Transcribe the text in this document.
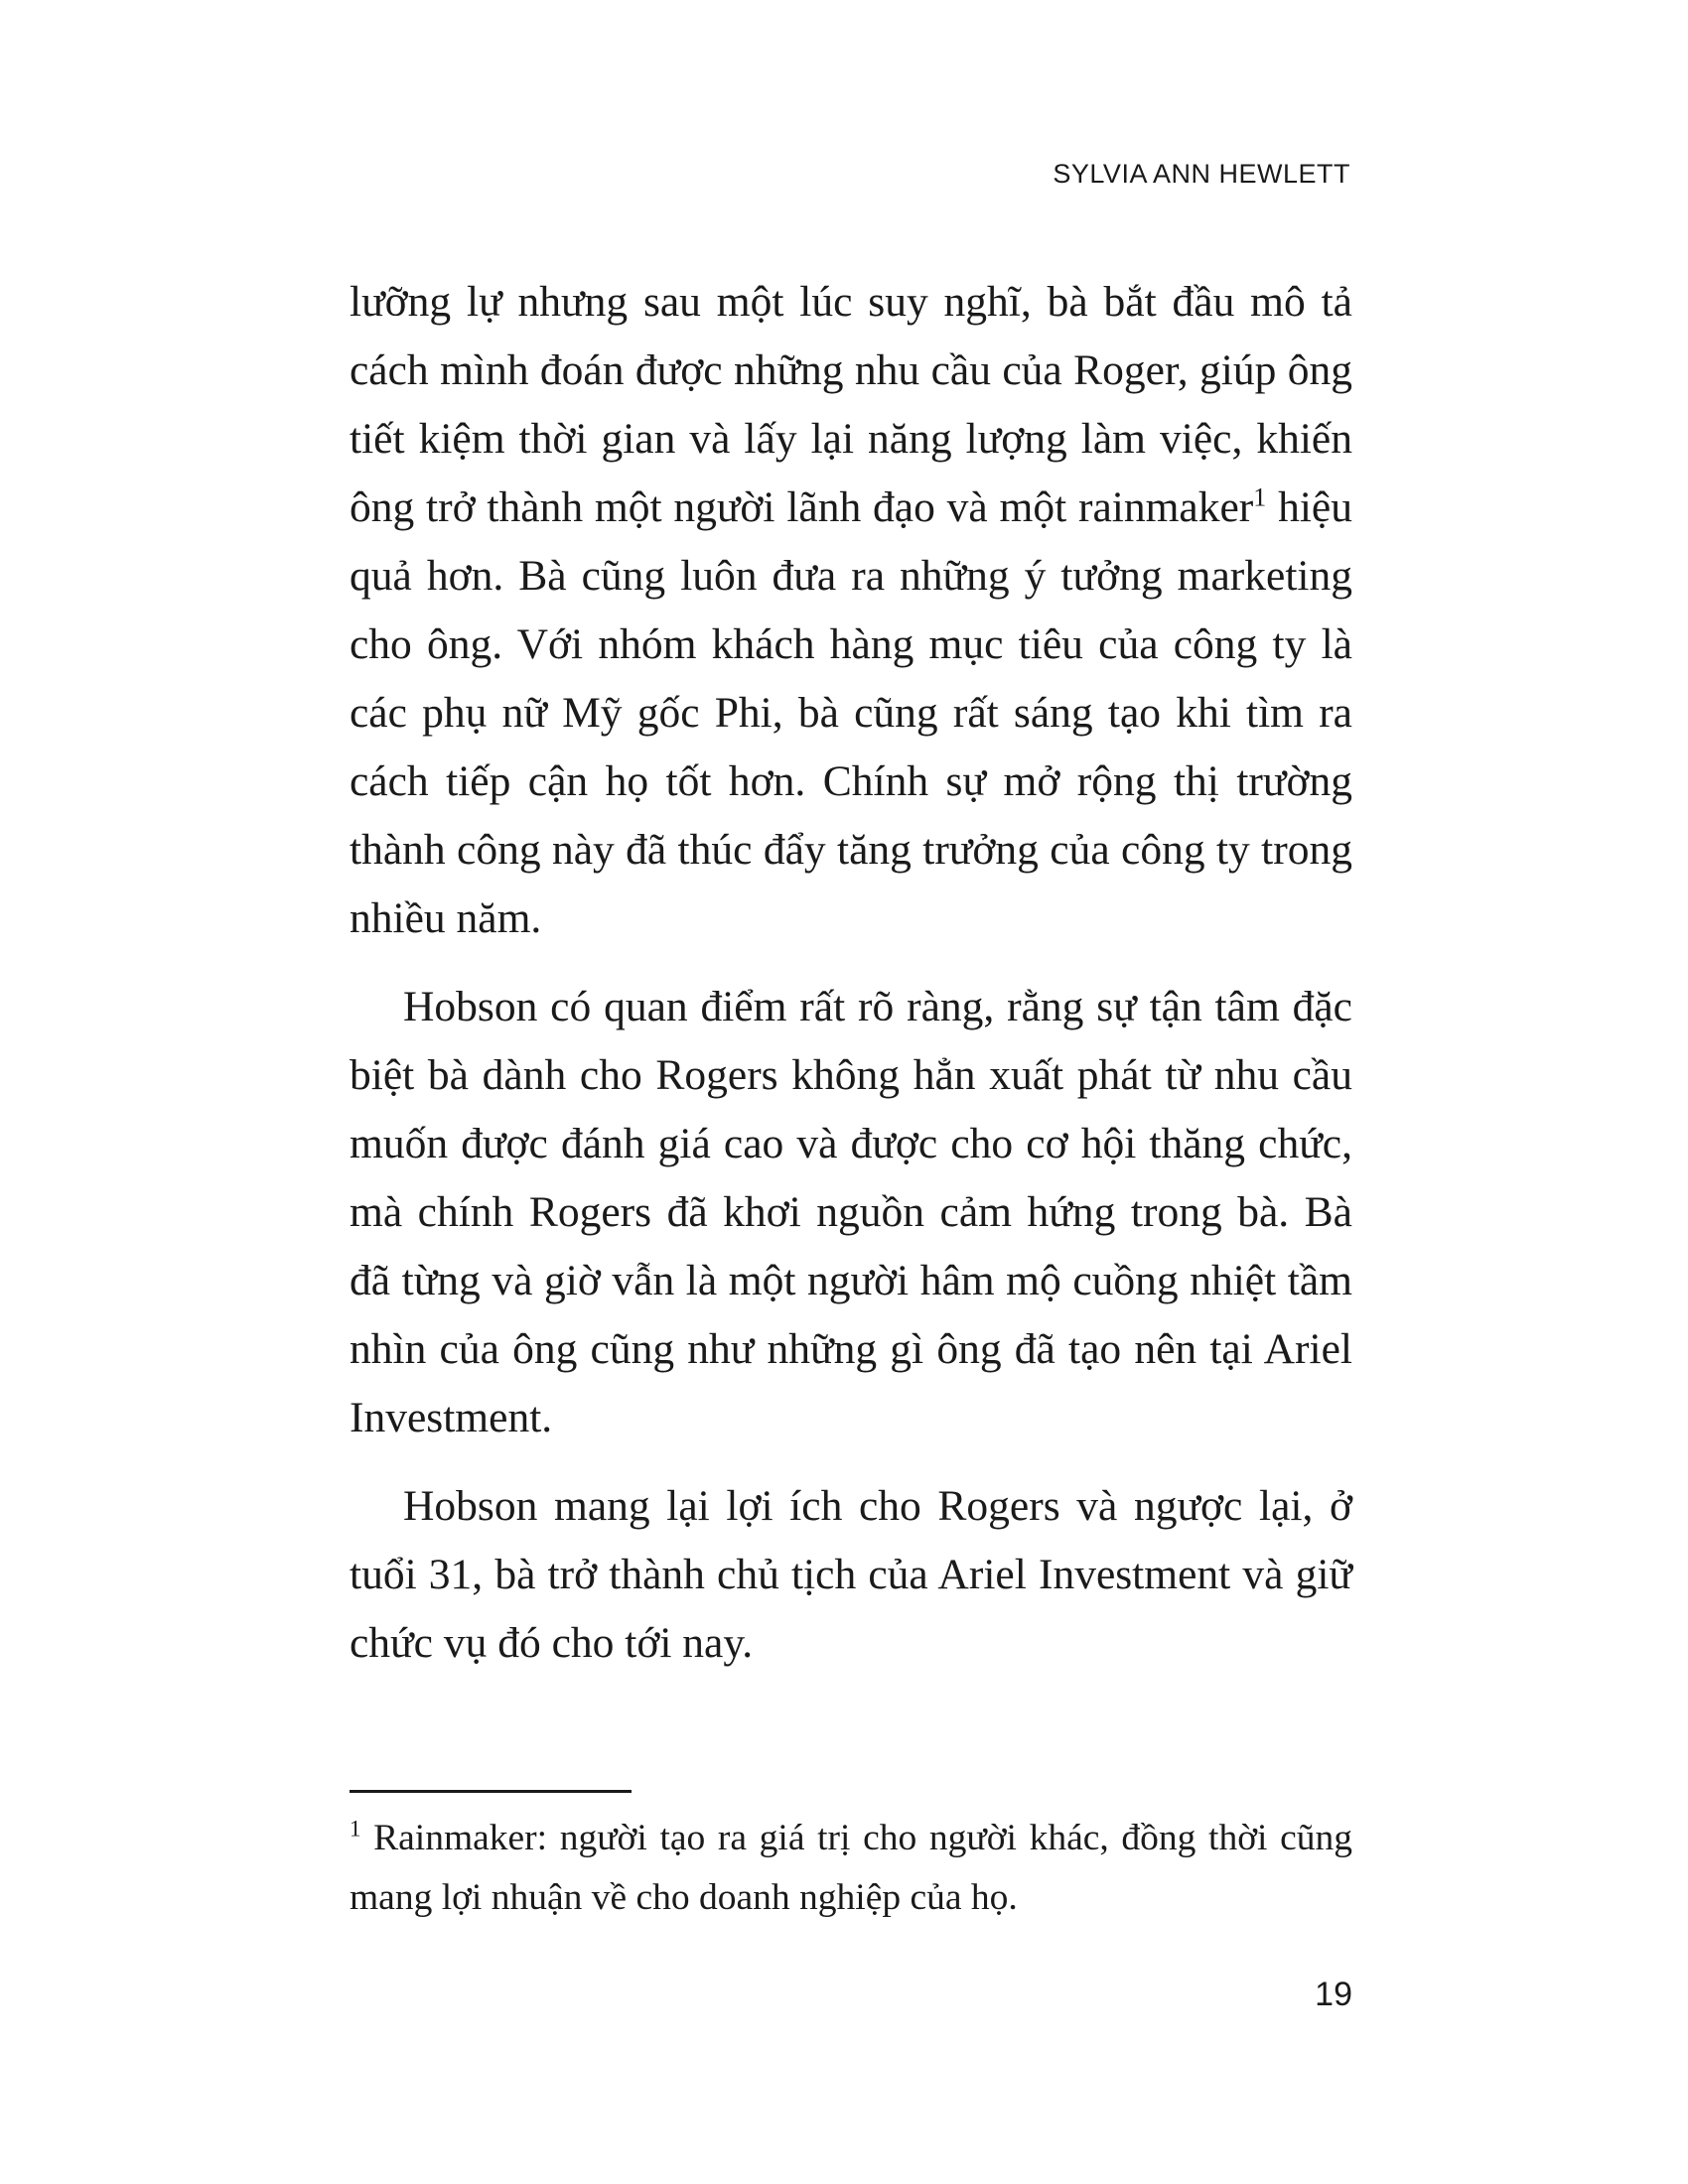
SYLVIA ANN HEWLETT

lưỡng lự nhưng sau một lúc suy nghĩ, bà bắt đầu mô tả cách mình đoán được những nhu cầu của Roger, giúp ông tiết kiệm thời gian và lấy lại năng lượng làm việc, khiến ông trở thành một người lãnh đạo và một rainmaker$^1$ hiệu quả hơn. Bà cũng luôn đưa ra những ý tưởng marketing cho ông. Với nhóm khách hàng mục tiêu của công ty là các phụ nữ Mỹ gốc Phi, bà cũng rất sáng tạo khi tìm ra cách tiếp cận họ tốt hơn. Chính sự mở rộng thị trường thành công này đã thúc đẩy tăng trưởng của công ty trong nhiều năm.

Hobson có quan điểm rất rõ ràng, rằng sự tận tâm đặc biệt bà dành cho Rogers không hẳn xuất phát từ nhu cầu muốn được đánh giá cao và được cho cơ hội thăng chức, mà chính Rogers đã khơi nguồn cảm hứng trong bà. Bà đã từng và giờ vẫn là một người hâm mộ cuồng nhiệt tầm nhìn của ông cũng như những gì ông đã tạo nên tại Ariel Investment.

Hobson mang lại lợi ích cho Rogers và ngược lại, ở tuổi 31, bà trở thành chủ tịch của Ariel Investment và giữ chức vụ đó cho tới nay.

$^1$ Rainmaker: người tạo ra giá trị cho người khác, đồng thời cũng mang lợi nhuận về cho doanh nghiệp của họ.

19
